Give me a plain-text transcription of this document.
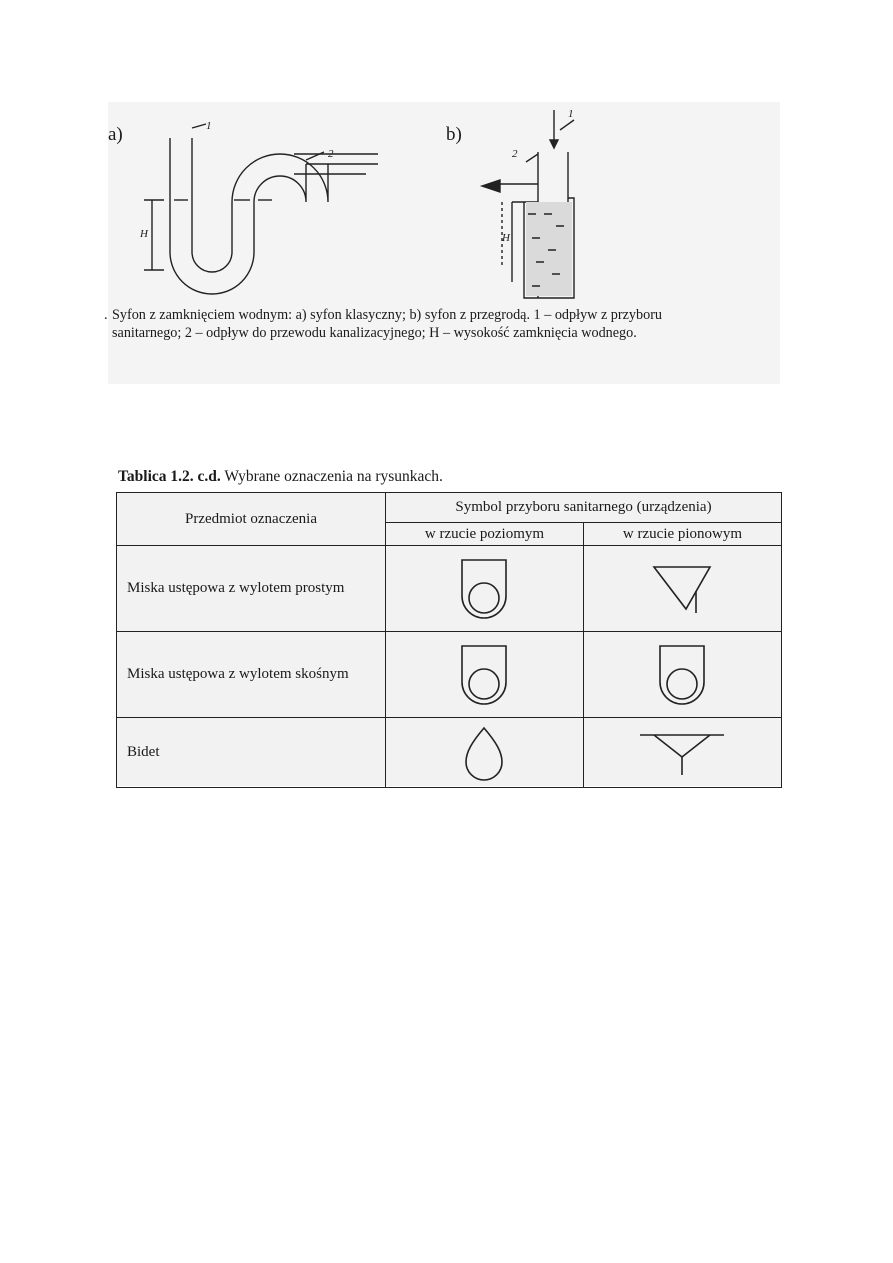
a)	b)
1
2
H
1
2
H
. Syfon z zamknięciem wodnym: a) syfon klasyczny; b) syfon z przegrodą. 1 – odpływ z przyboru sanitarnego; 2 – odpływ do przewodu kanalizacyjnego; H – wysokość zamknięcia wodnego.
Tablica 1.2. c.d. Wybrane oznaczenia na rysunkach.
Przedmiot oznaczenia	Symbol przyboru sanitarnego (urządzenia)	
	w rzucie poziomym	w rzucie pionowym
Miska ustępowa z wylotem prostym		
Miska ustępowa z wylotem skośnym		
Bidet		
